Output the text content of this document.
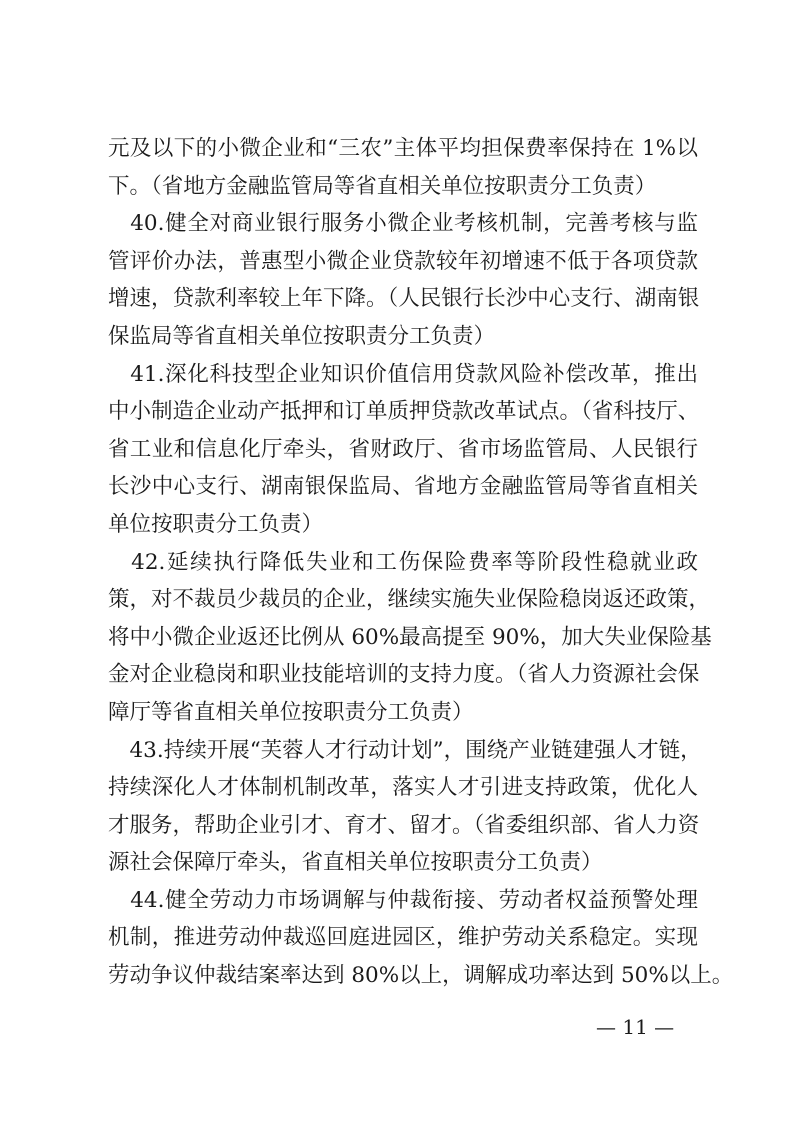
元及以下的小微企业和“三农”主体平均担保费率保持在 1%以
下。（省地方金融监管局等省直相关单位按职责分工负责）
　40.健全对商业银行服务小微企业考核机制，完善考核与监
管评价办法，普惠型小微企业贷款较年初增速不低于各项贷款
增速，贷款利率较上年下降。（人民银行长沙中心支行、湖南银
保监局等省直相关单位按职责分工负责）
　41.深化科技型企业知识价值信用贷款风险补偿改革，推出
中小制造企业动产抵押和订单质押贷款改革试点。（省科技厅、
省工业和信息化厅牵头，省财政厅、省市场监管局、人民银行
长沙中心支行、湖南银保监局、省地方金融监管局等省直相关
单位按职责分工负责）
　42.延续执行降低失业和工伤保险费率等阶段性稳就业政
策，对不裁员少裁员的企业，继续实施失业保险稳岗返还政策，
将中小微企业返还比例从 60%最高提至 90%，加大失业保险基
金对企业稳岗和职业技能培训的支持力度。（省人力资源社会保
障厅等省直相关单位按职责分工负责）
　43.持续开展“芙蓉人才行动计划”，围绕产业链建强人才链，
持续深化人才体制机制改革，落实人才引进支持政策，优化人
才服务，帮助企业引才、育才、留才。（省委组织部、省人力资
源社会保障厅牵头，省直相关单位按职责分工负责）
　44.健全劳动力市场调解与仲裁衔接、劳动者权益预警处理
机制，推进劳动仲裁巡回庭进园区，维护劳动关系稳定。实现
劳动争议仲裁结案率达到 80%以上，调解成功率达到 50%以上。
— 11 —
